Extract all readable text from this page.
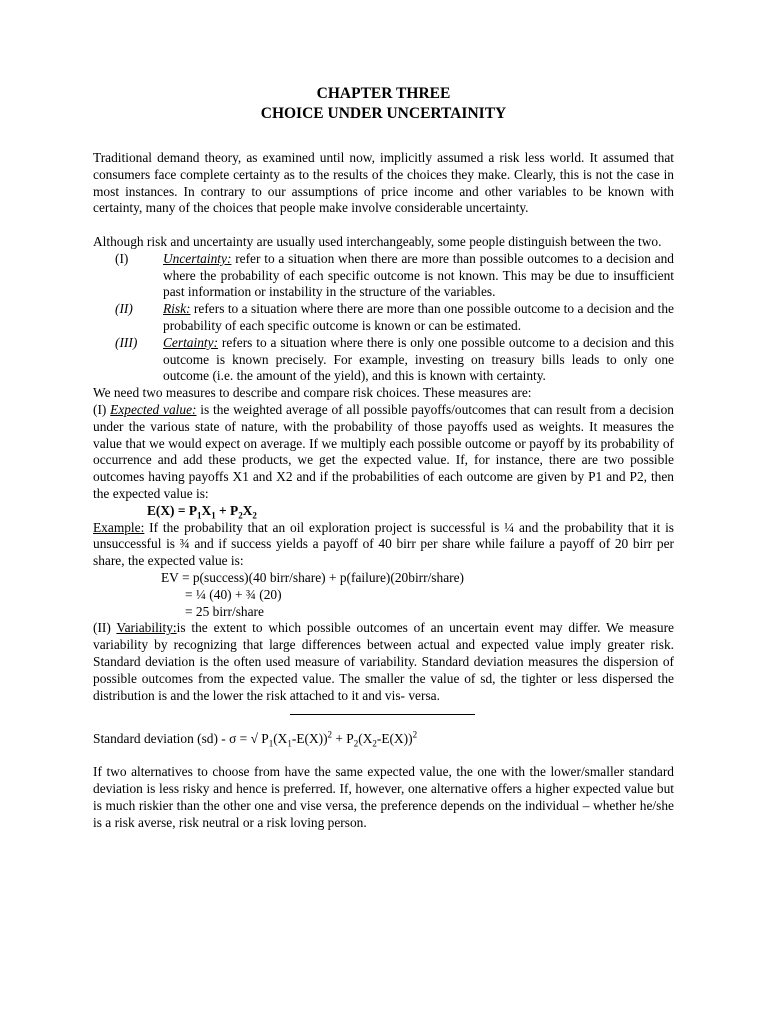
CHAPTER THREE

CHOICE UNDER UNCERTAINITY

Traditional demand theory, as examined until now, implicitly assumed a risk less world. It assumed that consumers face complete certainty as to the results of the choices they make. Clearly, this is not the case in most instances. In contrary to our assumptions of price income and other variables to be known with certainty, many of the choices that people make involve considerable uncertainty.

Although risk and uncertainty are usually used interchangeably, some people distinguish between the two.

(I)	Uncertainty: refer to a situation when there are more than possible outcomes to a decision and where the probability of each specific outcome is not known. This may be due to insufficient past information or instability in the structure of the variables.
(II)	Risk: refers to a situation where there are more than one possible outcome to a decision and the probability of each specific outcome is known or can be estimated.
(III)	Certainty: refers to a situation where there is only one possible outcome to a decision and this outcome is known precisely. For example, investing on treasury bills leads to only one outcome (i.e. the amount of the yield), and this is known with certainty.

We need two measures to describe and compare risk choices. These measures are:

(I) Expected value: is the weighted average of all possible payoffs/outcomes that can result from a decision under the various state of nature, with the probability of those payoffs used as weights. It measures the value that we would expect on average. If we multiply each possible outcome or payoff by its probability of occurrence and add these products, we get the expected value. If, for instance, there are two possible outcomes having payoffs X1 and X2 and if the probabilities of each outcome are given by P1 and P2, then the expected value is:

$E(X) = P_1X_1 + P_2X_2$

Example: If the probability that an oil exploration project is successful is ¼ and the probability that it is unsuccessful is ¾ and if success yields a payoff of 40 birr per share while failure a payoff of 20 birr per share, the expected value is:

EV = p(success)(40 birr/share) + p(failure)(20birr/share)
= ¼ (40) + ¾ (20)
= 25 birr/share

(II) Variability:is the extent to which possible outcomes of an uncertain event may differ. We measure variability by recognizing that large differences between actual and expected value imply greater risk. Standard deviation is the often used measure of variability. Standard deviation measures the dispersion of possible outcomes from the expected value. The smaller the value of sd, the tighter or less dispersed the distribution is and the lower the risk attached to it and vis- versa.

Standard deviation (sd) - σ = √ $P_1(X_1-E(X))^2 + P_2(X_2-E(X))^2$

If two alternatives to choose from have the same expected value, the one with the lower/smaller standard deviation is less risky and hence is preferred. If, however, one alternative offers a higher expected value but is much riskier than the other one and vise versa, the preference depends on the individual – whether he/she is a risk averse, risk neutral or a risk loving person.
